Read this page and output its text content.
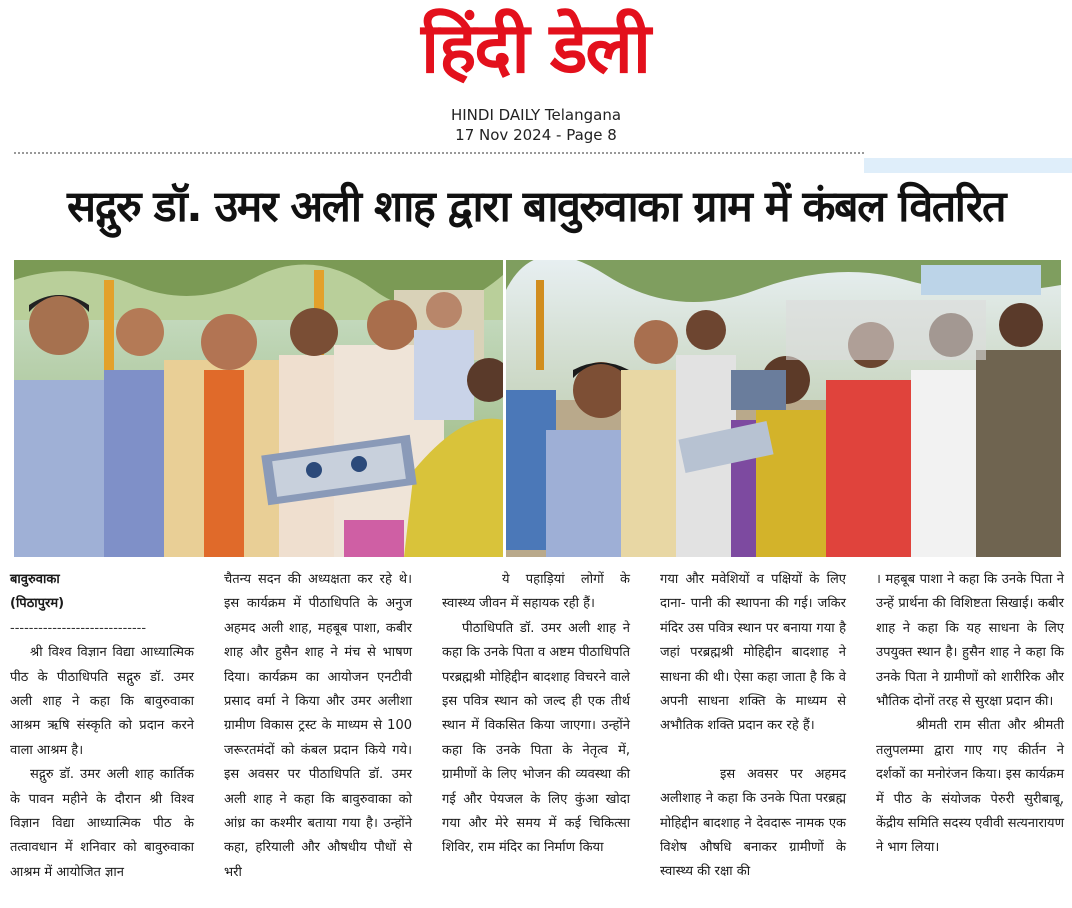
हिंदी डेली
HINDI DAILY Telangana
17 Nov 2024 - Page 8
सद्गुरु डॉ. उमर अली शाह द्वारा बावुरुवाका ग्राम में कंबल वितरित

बावुरुवाका

(पिठापुरम)

-----------------------------

श्री विश्व विज्ञान विद्या आध्यात्मिक पीठ के पीठाधिपति सद्गुरु डॉ. उमर अली शाह ने कहा कि बावुरुवाका आश्रम ऋषि संस्कृति को प्रदान करने वाला आश्रम है।

सद्गुरु डॉ. उमर अली शाह कार्तिक के पावन महीने के दौरान श्री विश्व विज्ञान विद्या आध्यात्मिक पीठ के तत्वावधान में शनिवार को बावुरुवाका आश्रम में आयोजित ज्ञान

चैतन्य सदन की अध्यक्षता कर रहे थे। इस कार्यक्रम में पीठाधिपति के अनुज अहमद अली शाह, महबूब पाशा, कबीर शाह और हुसैन शाह ने मंच से भाषण दिया। कार्यक्रम का आयोजन एनटीवी प्रसाद वर्मा ने किया और उमर अलीशा ग्रामीण विकास ट्रस्ट के माध्यम से 100 जरूरतमंदों को कंबल प्रदान किये गये। इस अवसर पर पीठाधिपति डॉ. उमर अली शाह ने कहा कि बावुरुवाका को आंध्र का कश्मीर बताया गया है। उन्होंने कहा, हरियाली और औषधीय पौधों से भरी

ये पहाड़ियां लोगों के स्वास्थ्य जीवन में सहायक रही हैं।

पीठाधिपति डॉ. उमर अली शाह ने कहा कि उनके पिता व अष्टम पीठाधिपति परब्रह्मश्री मोहिद्दीन बादशाह विचरने वाले इस पवित्र स्थान को जल्द ही एक तीर्थ स्थान में विकसित किया जाएगा। उन्होंने कहा कि उनके पिता के नेतृत्व में, ग्रामीणों के लिए भोजन की व्यवस्था की गई और पेयजल के लिए कुंआ खोदा गया और मेरे समय में कई चिकित्सा शिविर, राम मंदिर का निर्माण किया

गया और मवेशियों व पक्षियों के लिए दाना- पानी की स्थापना की गई। जकिर मंदिर उस पवित्र स्थान पर बनाया गया है जहां परब्रह्मश्री मोहिद्दीन बादशाह ने साधना की थी। ऐसा कहा जाता है कि वे अपनी साधना शक्ति के माध्यम से अभौतिक शक्ति प्रदान कर रहे हैं।

इस अवसर पर अहमद अलीशाह ने कहा कि उनके पिता परब्रह्म मोहिद्दीन बादशाह ने देवदारू नामक एक विशेष औषधि बनाकर ग्रामीणों के स्वास्थ्य की रक्षा की

। महबूब पाशा ने कहा कि उनके पिता ने उन्हें प्रार्थना की विशिष्टता सिखाई। कबीर शाह ने कहा कि यह साधना के लिए उपयुक्त स्थान है। हुसैन शाह ने कहा कि उनके पिता ने ग्रामीणों को शारीरिक और भौतिक दोनों तरह से सुरक्षा प्रदान की।

श्रीमती राम सीता और श्रीमती तलुपलम्मा द्वारा गाए गए कीर्तन ने दर्शकों का मनोरंजन किया। इस कार्यक्रम में पीठ के संयोजक पेरुरी सुरीबाबू, केंद्रीय समिति सदस्य एवीवी सत्यनारायण ने भाग लिया।
